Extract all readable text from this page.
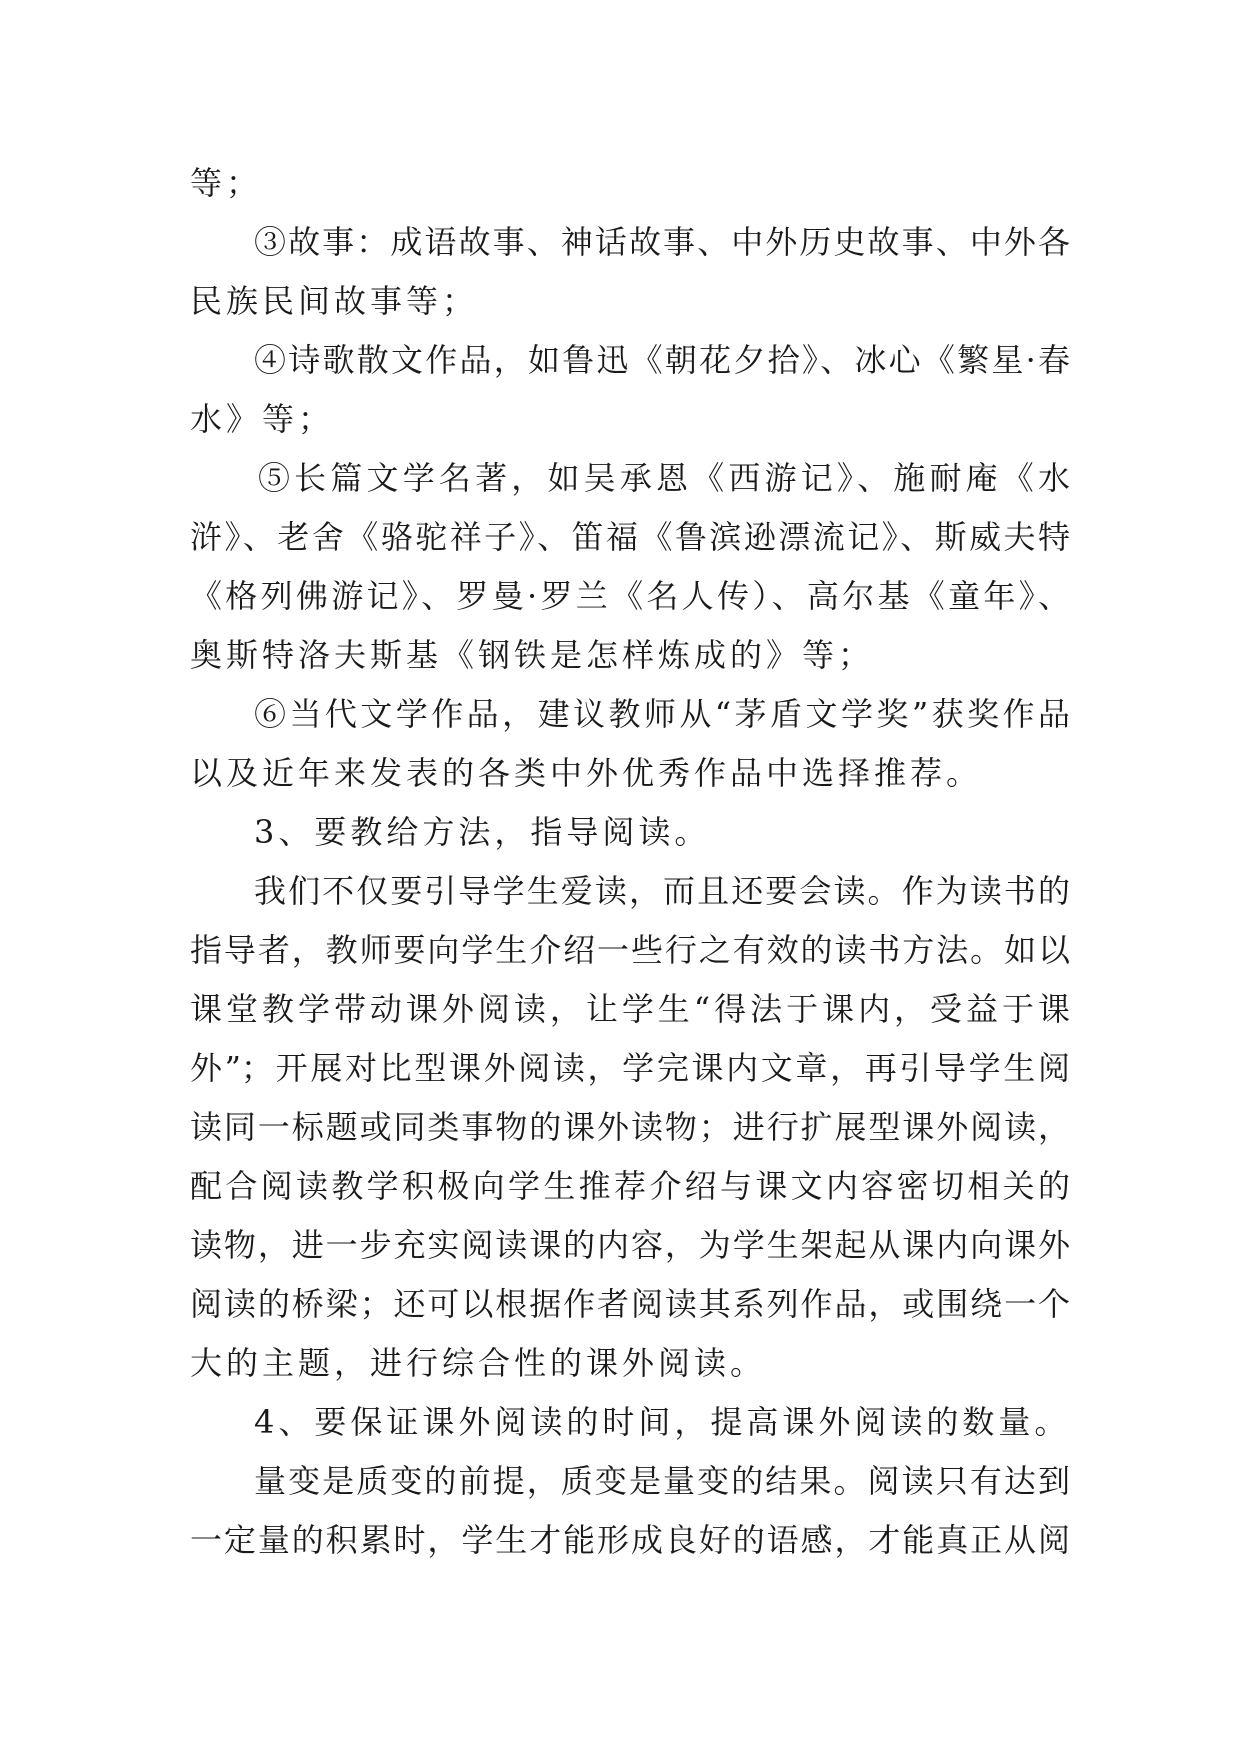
等；
③故事：成语故事、神话故事、中外历史故事、中外各
民族民间故事等；
④诗歌散文作品，如鲁迅《朝花夕拾》、冰心《繁星·春
水》等；
⑤长篇文学名著，如吴承恩《西游记》、施耐庵《水
浒》、老舍《骆驼祥子》、笛福《鲁滨逊漂流记》、斯威夫特
《格列佛游记》、罗曼·罗兰《名人传）、高尔基《童年》、
奥斯特洛夫斯基《钢铁是怎样炼成的》等；
⑥当代文学作品，建议教师从“茅盾文学奖”获奖作品
以及近年来发表的各类中外优秀作品中选择推荐。
3、要教给方法，指导阅读。
我们不仅要引导学生爱读，而且还要会读。作为读书的
指导者，教师要向学生介绍一些行之有效的读书方法。如以
课堂教学带动课外阅读，让学生“得法于课内，受益于课
外”；开展对比型课外阅读，学完课内文章，再引导学生阅
读同一标题或同类事物的课外读物；进行扩展型课外阅读，
配合阅读教学积极向学生推荐介绍与课文内容密切相关的
读物，进一步充实阅读课的内容，为学生架起从课内向课外
阅读的桥梁；还可以根据作者阅读其系列作品，或围绕一个
大的主题，进行综合性的课外阅读。
4、要保证课外阅读的时间，提高课外阅读的数量。
量变是质变的前提，质变是量变的结果。阅读只有达到
一定量的积累时，学生才能形成良好的语感，才能真正从阅
